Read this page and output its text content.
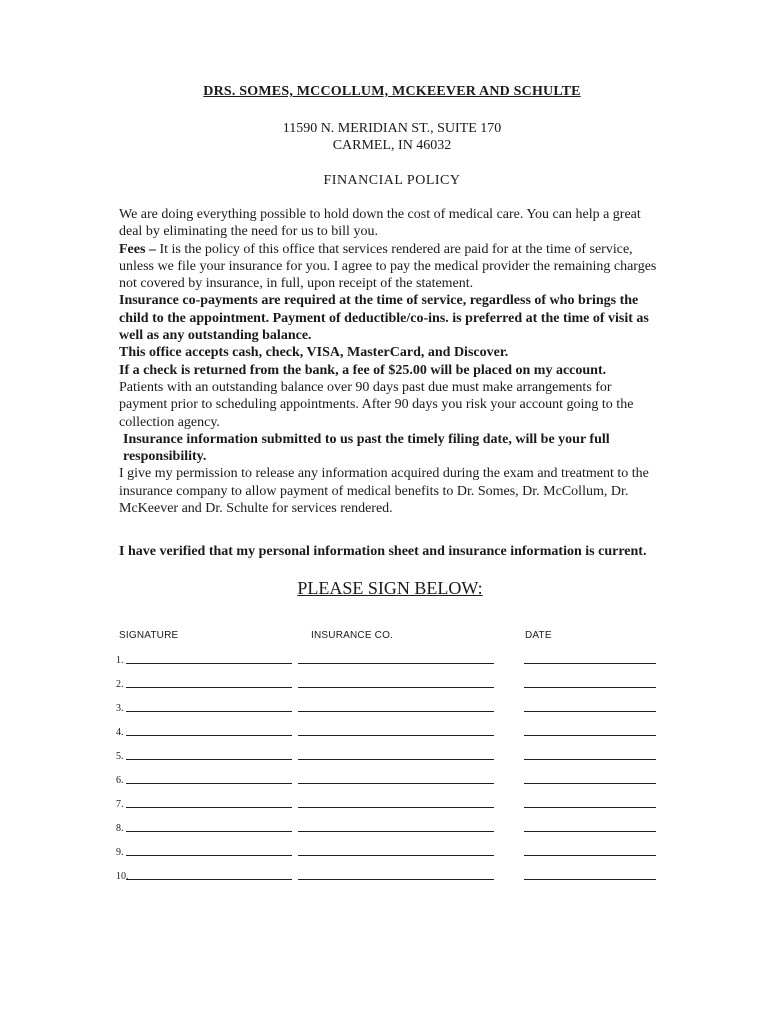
DRS. SOMES, MCCOLLUM, MCKEEVER AND SCHULTE
11590 N. MERIDIAN ST., SUITE 170
CARMEL, IN 46032
FINANCIAL POLICY

We are doing everything possible to hold down the cost of medical care. You can help a great deal by eliminating the need for us to bill you.

Fees – It is the policy of this office that services rendered are paid for at the time of service, unless we file your insurance for you. I agree to pay the medical provider the remaining charges not covered by insurance, in full, upon receipt of the statement.

Insurance co-payments are required at the time of service, regardless of who brings the child to the appointment. Payment of deductible/co-ins. is preferred at the time of visit as well as any outstanding balance.

This office accepts cash, check, VISA, MasterCard, and Discover.

If a check is returned from the bank, a fee of $25.00 will be placed on my account.

Patients with an outstanding balance over 90 days past due must make arrangements for payment prior to scheduling appointments. After 90 days you risk your account going to the collection agency.

Insurance information submitted to us past the timely filing date, will be your full responsibility.

I give my permission to release any information acquired during the exam and treatment to the insurance company to allow payment of medical benefits to Dr. Somes, Dr. McCollum, Dr. McKeever and Dr. Schulte for services rendered.

I have verified that my personal information sheet and insurance information is current.
PLEASE SIGN BELOW:
SIGNATURE	INSURANCE CO.	DATE
1.
2.
3.
4.
5.
6.
7.
8.
9.
10.
